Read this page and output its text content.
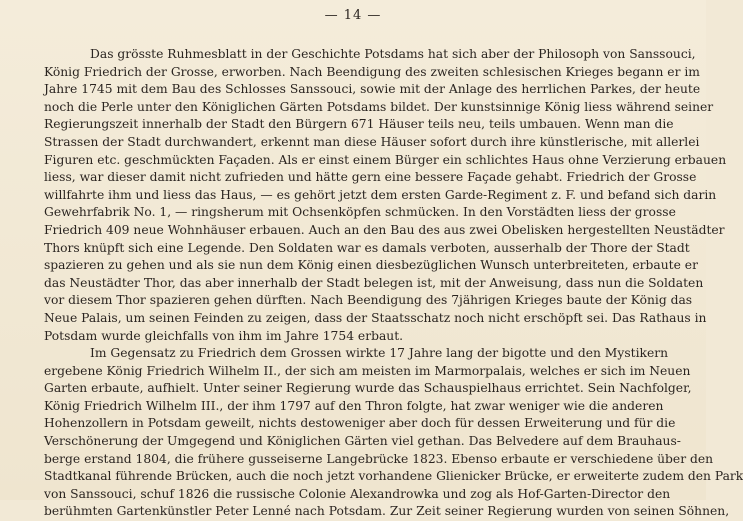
— 14 —
Das grösste Ruhmesblatt in der Geschichte Potsdams hat sich aber der Philosoph von Sanssouci,
König Friedrich der Grosse, erworben. Nach Beendigung des zweiten schlesischen Krieges begann er im
Jahre 1745 mit dem Bau des Schlosses Sanssouci, sowie mit der Anlage des herrlichen Parkes, der heute
noch die Perle unter den Königlichen Gärten Potsdams bildet. Der kunstsinnige König liess während seiner
Regierungszeit innerhalb der Stadt den Bürgern 671 Häuser teils neu, teils umbauen. Wenn man die
Strassen der Stadt durchwandert, erkennt man diese Häuser sofort durch ihre künstlerische, mit allerlei
Figuren etc. geschmückten Façaden. Als er einst einem Bürger ein schlichtes Haus ohne Verzierung erbauen
liess, war dieser damit nicht zufrieden und hätte gern eine bessere Façade gehabt. Friedrich der Grosse
willfahrte ihm und liess das Haus, — es gehört jetzt dem ersten Garde-Regiment z. F. und befand sich darin
Gewehrfabrik No. 1, — ringsherum mit Ochsenköpfen schmücken. In den Vorstädten liess der grosse
Friedrich 409 neue Wohnhäuser erbauen. Auch an den Bau des aus zwei Obelisken hergestellten Neustädter
Thors knüpft sich eine Legende. Den Soldaten war es damals verboten, ausserhalb der Thore der Stadt
spazieren zu gehen und als sie nun dem König einen diesbezüglichen Wunsch unterbreiteten, erbaute er
das Neustädter Thor, das aber innerhalb der Stadt belegen ist, mit der Anweisung, dass nun die Soldaten
vor diesem Thor spazieren gehen dürften. Nach Beendigung des 7jährigen Krieges baute der König das
Neue Palais, um seinen Feinden zu zeigen, dass der Staatsschatz noch nicht erschöpft sei. Das Rathaus in
Potsdam wurde gleichfalls von ihm im Jahre 1754 erbaut.
Im Gegensatz zu Friedrich dem Grossen wirkte 17 Jahre lang der bigotte und den Mystikern
ergebene König Friedrich Wilhelm II., der sich am meisten im Marmorpalais, welches er sich im Neuen
Garten erbaute, aufhielt. Unter seiner Regierung wurde das Schauspielhaus errichtet. Sein Nachfolger,
König Friedrich Wilhelm III., der ihm 1797 auf den Thron folgte, hat zwar weniger wie die anderen
Hohenzollern in Potsdam geweilt, nichts destoweniger aber doch für dessen Erweiterung und für die
Verschönerung der Umgegend und Königlichen Gärten viel gethan. Das Belvedere auf dem Brauhaus-
berge erstand 1804, die frühere gusseiserne Langebrücke 1823. Ebenso erbaute er verschiedene über den
Stadtkanal führende Brücken, auch die noch jetzt vorhandene Glienicker Brücke, er erweiterte zudem den Park
von Sanssouci, schuf 1826 die russische Colonie Alexandrowka und zog als Hof-Garten-Director den
berühmten Gartenkünstler Peter Lenné nach Potsdam. Zur Zeit seiner Regierung wurden von seinen Söhnen,
